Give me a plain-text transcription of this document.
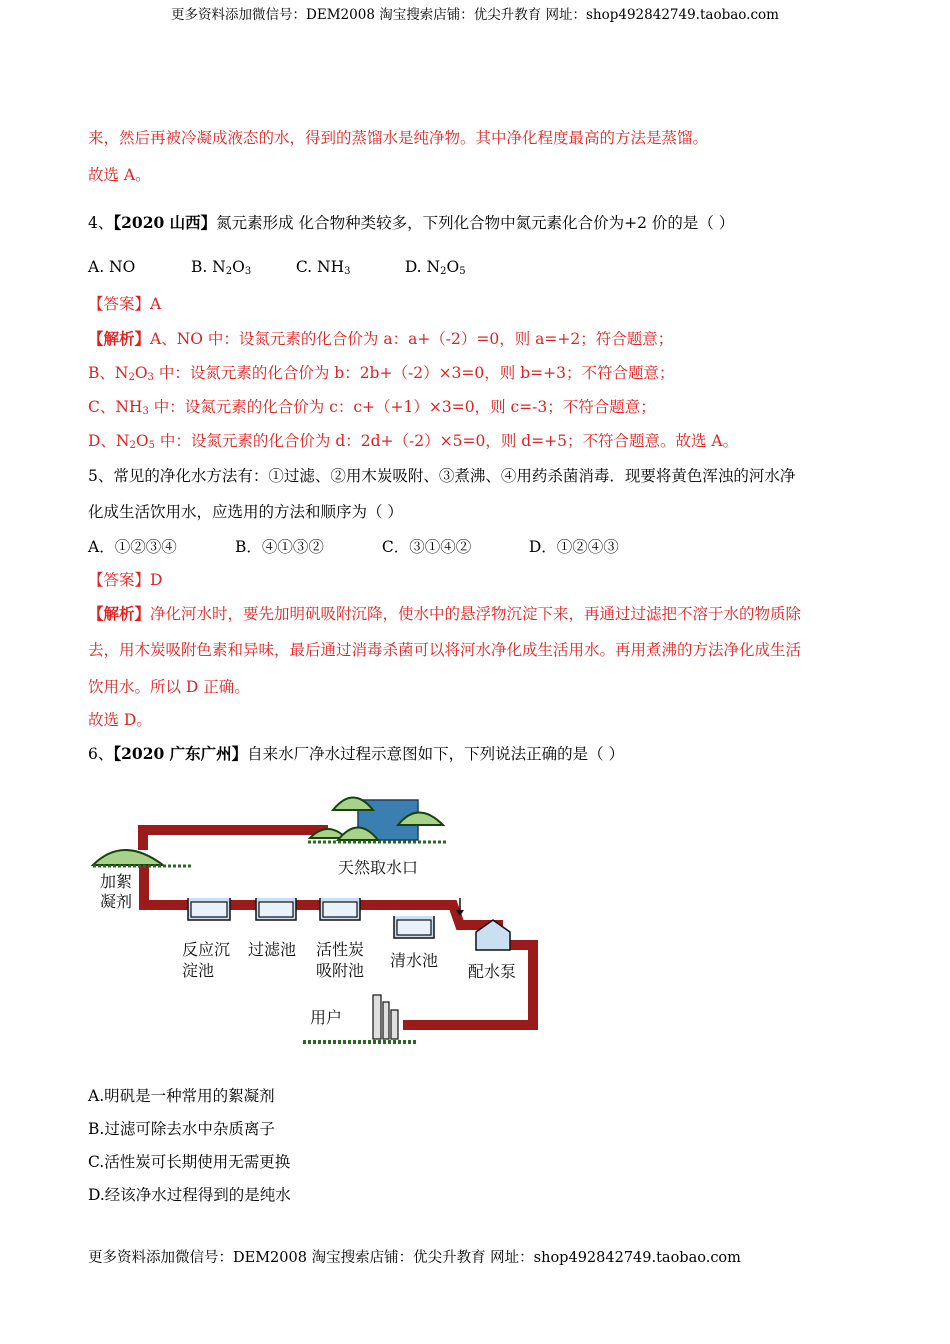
更多资料添加微信号：DEM2008 淘宝搜索店铺：优尖升教育 网址：shop492842749.taobao.com
来，然后再被冷凝成液态的水，得到的蒸馏水是纯净物。其中净化程度最高的方法是蒸馏。
故选 A。
4、【2020 山西】氮元素形成 化合物种类较多，下列化合物中氮元素化合价为+2 价的是（ ）
A. NO	B. $N_2O_3$	C. $NH_3$	D. $N_2O_5$
【答案】A
【解析】A、NO 中：设氮元素的化合价为 a：a+（-2）=0，则 a=+2；符合题意；
B、$N_2O_3$ 中：设氮元素的化合价为 b：2b+（-2）×3=0，则 b=+3；不符合题意；
C、$NH_3$ 中：设氮元素的化合价为 c：c+（+1）×3=0，则 c=-3；不符合题意；
D、$N_2O_5$ 中：设氮元素的化合价为 d：2d+（-2）×5=0，则 d=+5；不符合题意。故选 A。
5、常见的净化水方法有：①过滤、②用木炭吸附、③煮沸、④用药杀菌消毒．现要将黄色浑浊的河水净
化成生活饮用水，应选用的方法和顺序为（ ）
A．①②③④	B．④①③②	C．③①④②	D．①②④③
【答案】D
【解析】净化河水时，要先加明矾吸附沉降，使水中的悬浮物沉淀下来，再通过过滤把不溶于水的物质除
去，用木炭吸附色素和异味，最后通过消毒杀菌可以将河水净化成生活用水。再用煮沸的方法净化成生活
饮用水。所以 D 正确。
故选 D。
6、【2020 广东广州】自来水厂净水过程示意图如下，下列说法正确的是（ ）
天然取水口
加絮
凝剂
反应沉
淀池
过滤池 活性炭
吸附池
清水池
配水泵
用户
A.明矾是一种常用的絮凝剂
B.过滤可除去水中杂质离子
C.活性炭可长期使用无需更换
D.经该净水过程得到的是纯水
更多资料添加微信号：DEM2008 淘宝搜索店铺：优尖升教育 网址：shop492842749.taobao.com
